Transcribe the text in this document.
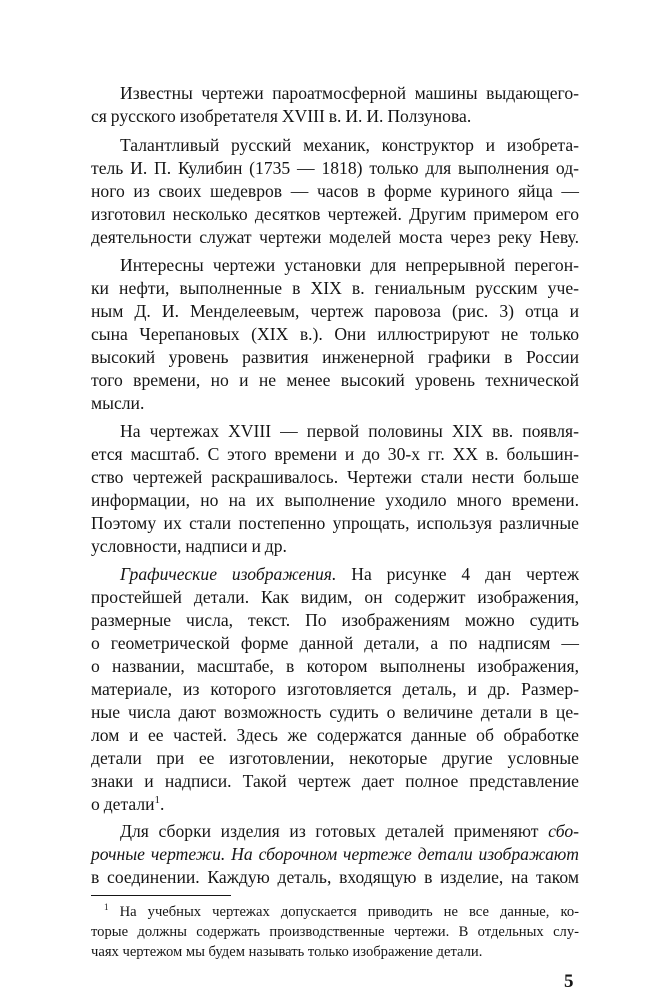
Известны чертежи пароатмосферной машины выдающего-
ся русского изобретателя XVIII в. И. И. Ползунова.
Талантливый русский механик, конструктор и изобрета-
тель И. П. Кулибин (1735 — 1818) только для выполнения од-
ного из своих шедевров — часов в форме куриного яйца —
изготовил несколько десятков чертежей. Другим примером его
деятельности служат чертежи моделей моста через реку Неву.
Интересны чертежи установки для непрерывной перегон-
ки нефти, выполненные в XIX в. гениальным русским уче-
ным Д. И. Менделеевым, чертеж паровоза (рис. 3) отца и
сына Черепановых (XIX в.). Они иллюстрируют не только
высокий уровень развития инженерной графики в России
того времени, но и не менее высокий уровень технической
мысли.
На чертежах XVIII — первой половины XIX вв. появля-
ется масштаб. С этого времени и до 30-х гг. XX в. большин-
ство чертежей раскрашивалось. Чертежи стали нести больше
информации, но на их выполнение уходило много времени.
Поэтому их стали постепенно упрощать, используя различные
условности, надписи и др.
Графические изображения. На рисунке 4 дан чертеж
простейшей детали. Как видим, он содержит изображения,
размерные числа, текст. По изображениям можно судить
о геометрической форме данной детали, а по надписям —
о названии, масштабе, в котором выполнены изображения,
материале, из которого изготовляется деталь, и др. Размер-
ные числа дают возможность судить о величине детали в це-
лом и ее частей. Здесь же содержатся данные об обработке
детали при ее изготовлении, некоторые другие условные
знаки и надписи. Такой чертеж дает полное представление
о детали$^1$.
Для сборки изделия из готовых деталей применяют сбо-
рочные чертежи. На сборочном чертеже детали изображают
в соединении. Каждую деталь, входящую в изделие, на таком
$^1$ На учебных чертежах допускается приводить не все данные, ко-
торые должны содержать производственные чертежи. В отдельных слу-
чаях чертежом мы будем называть только изображение детали.
5
